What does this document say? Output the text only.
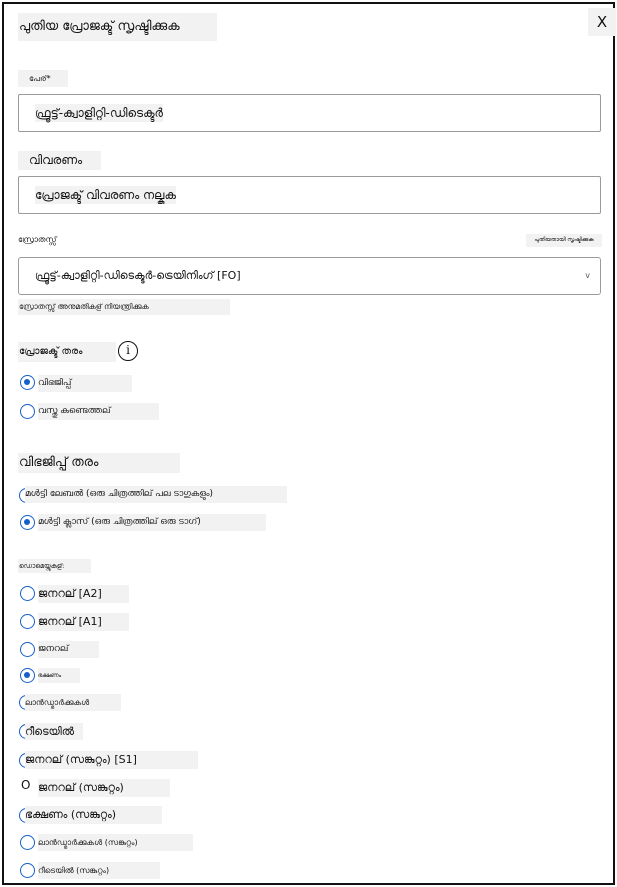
പുതിയ പ്രോജക്ട് സൃഷ്ടിക്കുക	X
പേര്*
ഫ്രൂട്ട്-ക്വാളിറ്റി-ഡിടെക്ടർ
വിവരണം
പ്രോജക്ട് വിവരണം നല്കുക
സ്രോതസ്സ്	പുതിയതായി സൃഷ്ടിക്കുക
ഫ്രൂട്ട്-ക്വാളിറ്റി-ഡിടെക്ടർ-ട്രെയിനിംഗ് [FO]	v
സ്രോതസ്സ് അനുമതികള് നിയന്ത്രിക്കുക
പ്രോജക്ട് തരം	i
വിഭജിപ്പ്
വസ്തു കണ്ടെത്തല്
വിഭജിപ്പ് തരം
മൾട്ടി ലേബൽ (ഒരു ചിത്രത്തില് പല ടാഗുകളും)
മൾട്ടി ക്ലാസ് (ഒരു ചിത്രത്തില് ഒരു ടാഗ്)
ഡൊമെയ്നുകള്:
ജനറല് [A2]
ജനറല് [A1]
ജനറല്
ഭക്ഷണം
ലാൻഡ്മാർക്കുകൾ
റീടെയിൽ
ജനറല് (സങ്കുറ്റം) [S1]
O ജനറല് (സങ്കുറ്റം)
ഭക്ഷണം (സങ്കുറ്റം)
ലാൻഡ്മാർക്കുകൾ (സങ്കുറ്റം)
റീടെയിൽ (സങ്കുറ്റം)
